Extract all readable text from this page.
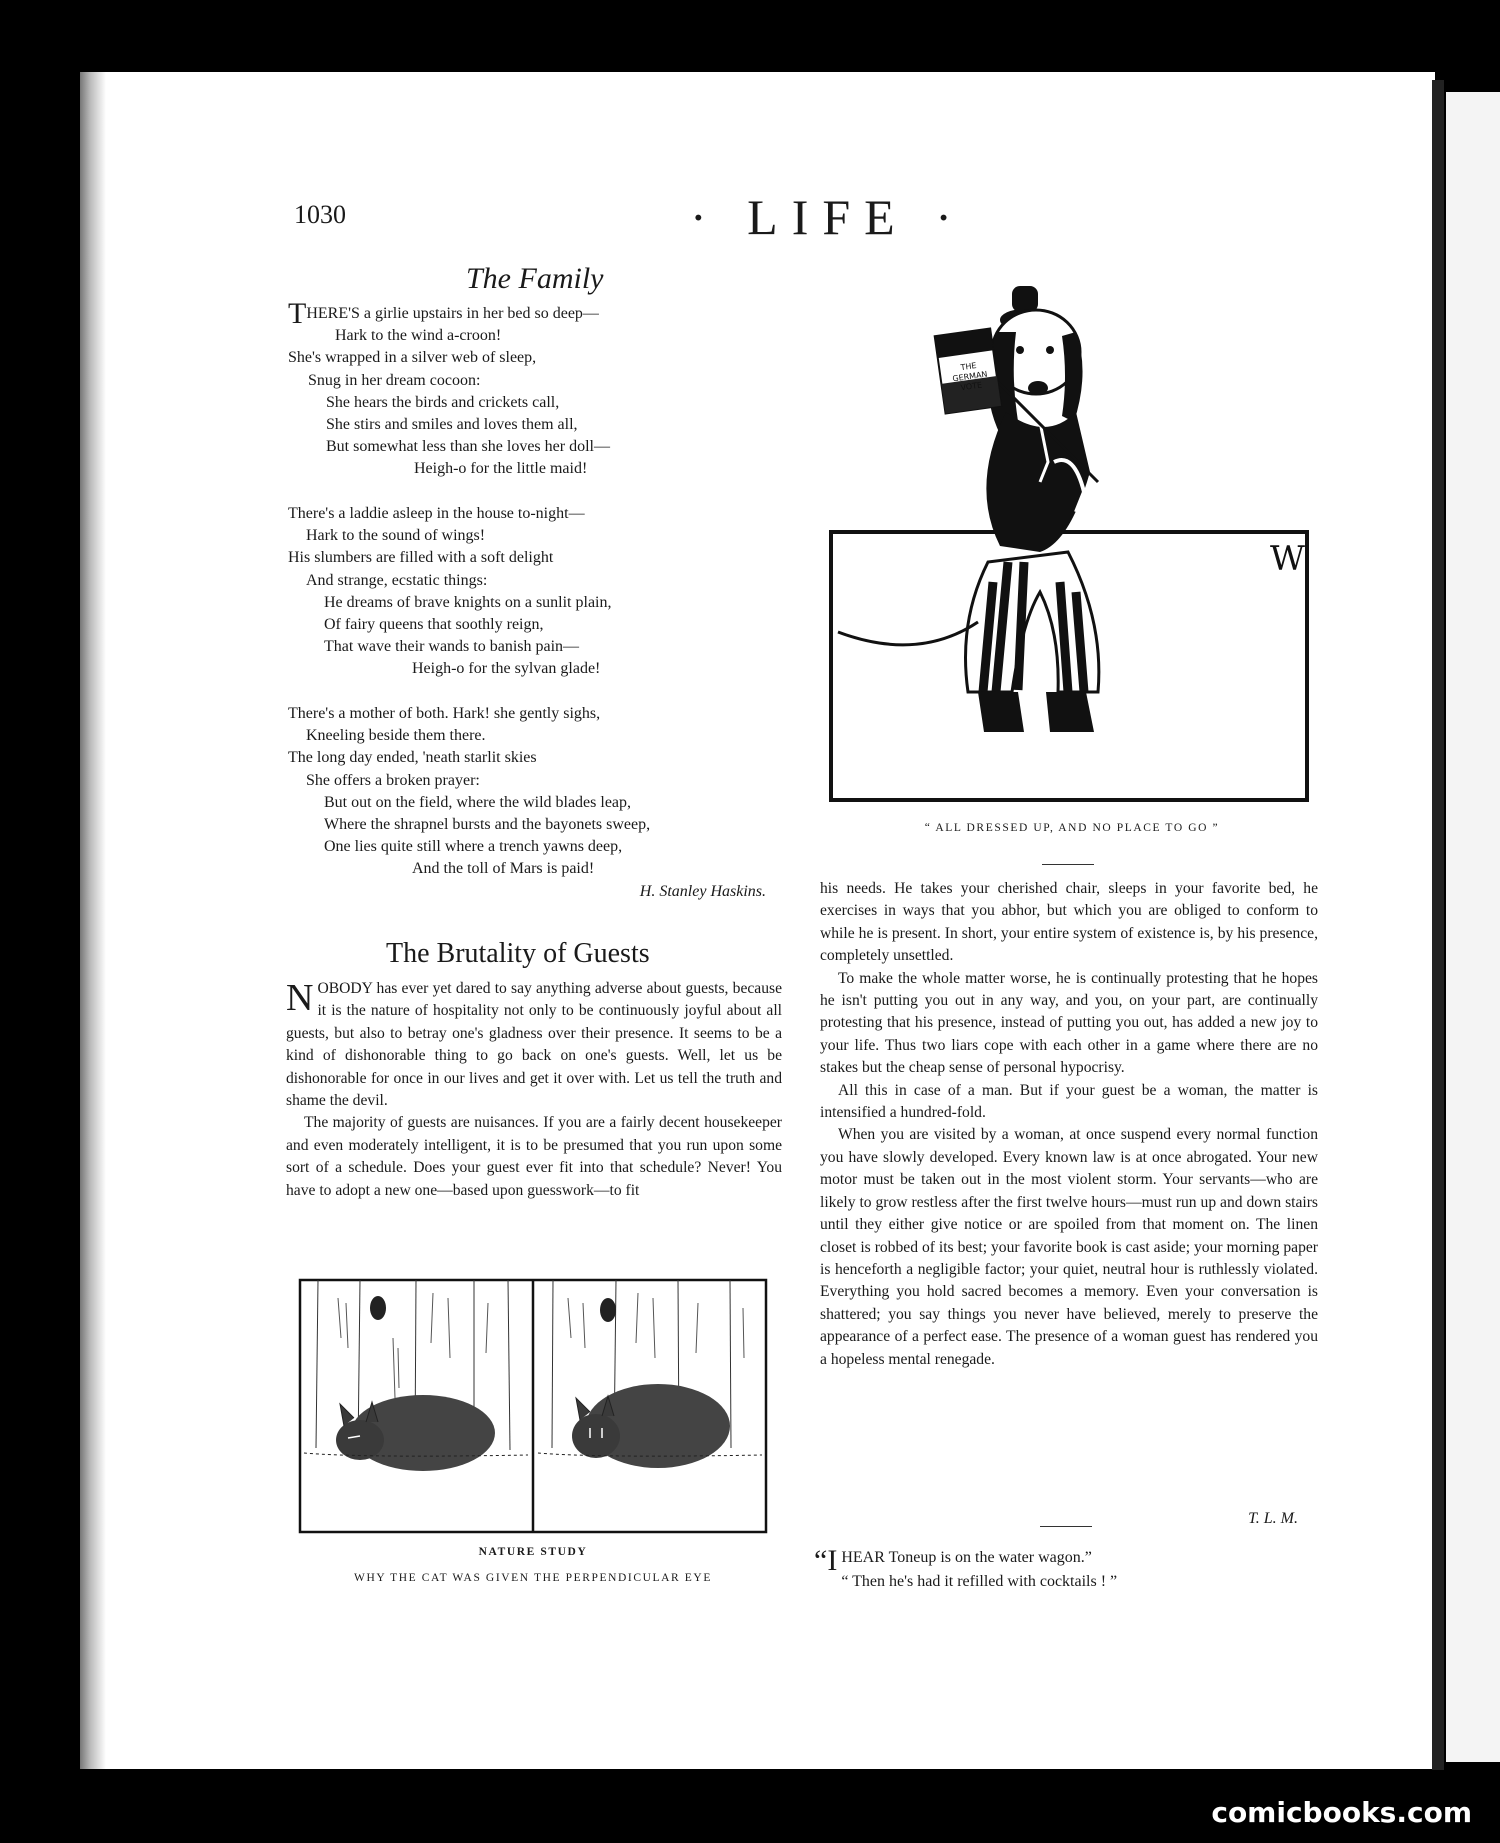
1030	· LIFE ·
The Family
THERE'S a girlie upstairs in her bed so deep—
Hark to the wind a-croon!
She's wrapped in a silver web of sleep,
Snug in her dream cocoon:
She hears the birds and crickets call,
She stirs and smiles and loves them all,
But somewhat less than she loves her doll—
Heigh-o for the little maid!
There's a laddie asleep in the house to-night—
Hark to the sound of wings!
His slumbers are filled with a soft delight
And strange, ecstatic things:
He dreams of brave knights on a sunlit plain,
Of fairy queens that soothly reign,
That wave their wands to banish pain—
Heigh-o for the sylvan glade!
There's a mother of both. Hark! she gently sighs,
Kneeling beside them there.
The long day ended, 'neath starlit skies
She offers a broken prayer:
But out on the field, where the wild blades leap,
Where the shrapnel bursts and the bayonets sweep,
One lies quite still where a trench yawns deep,
And the toll of Mars is paid!
H. Stanley Haskins.
The Brutality of Guests

NOBODY has ever yet dared to say anything adverse about guests, because it is the nature of hospitality not only to be continuously joyful about all guests, but also to betray one's gladness over their presence. It seems to be a kind of dishonorable thing to go back on one's guests. Well, let us be dishonorable for once in our lives and get it over with. Let us tell the truth and shame the devil.

The majority of guests are nuisances. If you are a fairly decent housekeeper and even moderately intelligent, it is to be presumed that you run upon some sort of a schedule. Does your guest ever fit into that schedule? Never! You have to adopt a new one—based upon guesswork—to fit

NATURE STUDY
WHY THE CAT WAS GIVEN THE PERPENDICULAR EYE
W
THE GERMAN VOTE
“ ALL DRESSED UP, AND NO PLACE TO GO ”

his needs. He takes your cherished chair, sleeps in your favorite bed, he exercises in ways that you abhor, but which you are obliged to conform to while he is present. In short, your entire system of existence is, by his presence, completely unsettled.

To make the whole matter worse, he is continually protesting that he hopes he isn't putting you out in any way, and you, on your part, are continually protesting that his presence, instead of putting you out, has added a new joy to your life. Thus two liars cope with each other in a game where there are no stakes but the cheap sense of personal hypocrisy.

All this in case of a man. But if your guest be a woman, the matter is intensified a hundred-fold.

When you are visited by a woman, at once suspend every normal function you have slowly developed. Every known law is at once abrogated. Your new motor must be taken out in the most violent storm. Your servants—who are likely to grow restless after the first twelve hours—must run up and down stairs until they either give notice or are spoiled from that moment on. The linen closet is robbed of its best; your favorite book is cast aside; your morning paper is henceforth a negligible factor; your quiet, neutral hour is ruthlessly violated. Everything you hold sacred becomes a memory. Even your conversation is shattered; you say things you never have believed, merely to preserve the appearance of a perfect ease. The presence of a woman guest has rendered you a hopeless mental renegade.

T. L. M.
“I HEAR Toneup is on the water wagon.”
“ Then he's had it refilled with cocktails ! ”
comicbooks.com
